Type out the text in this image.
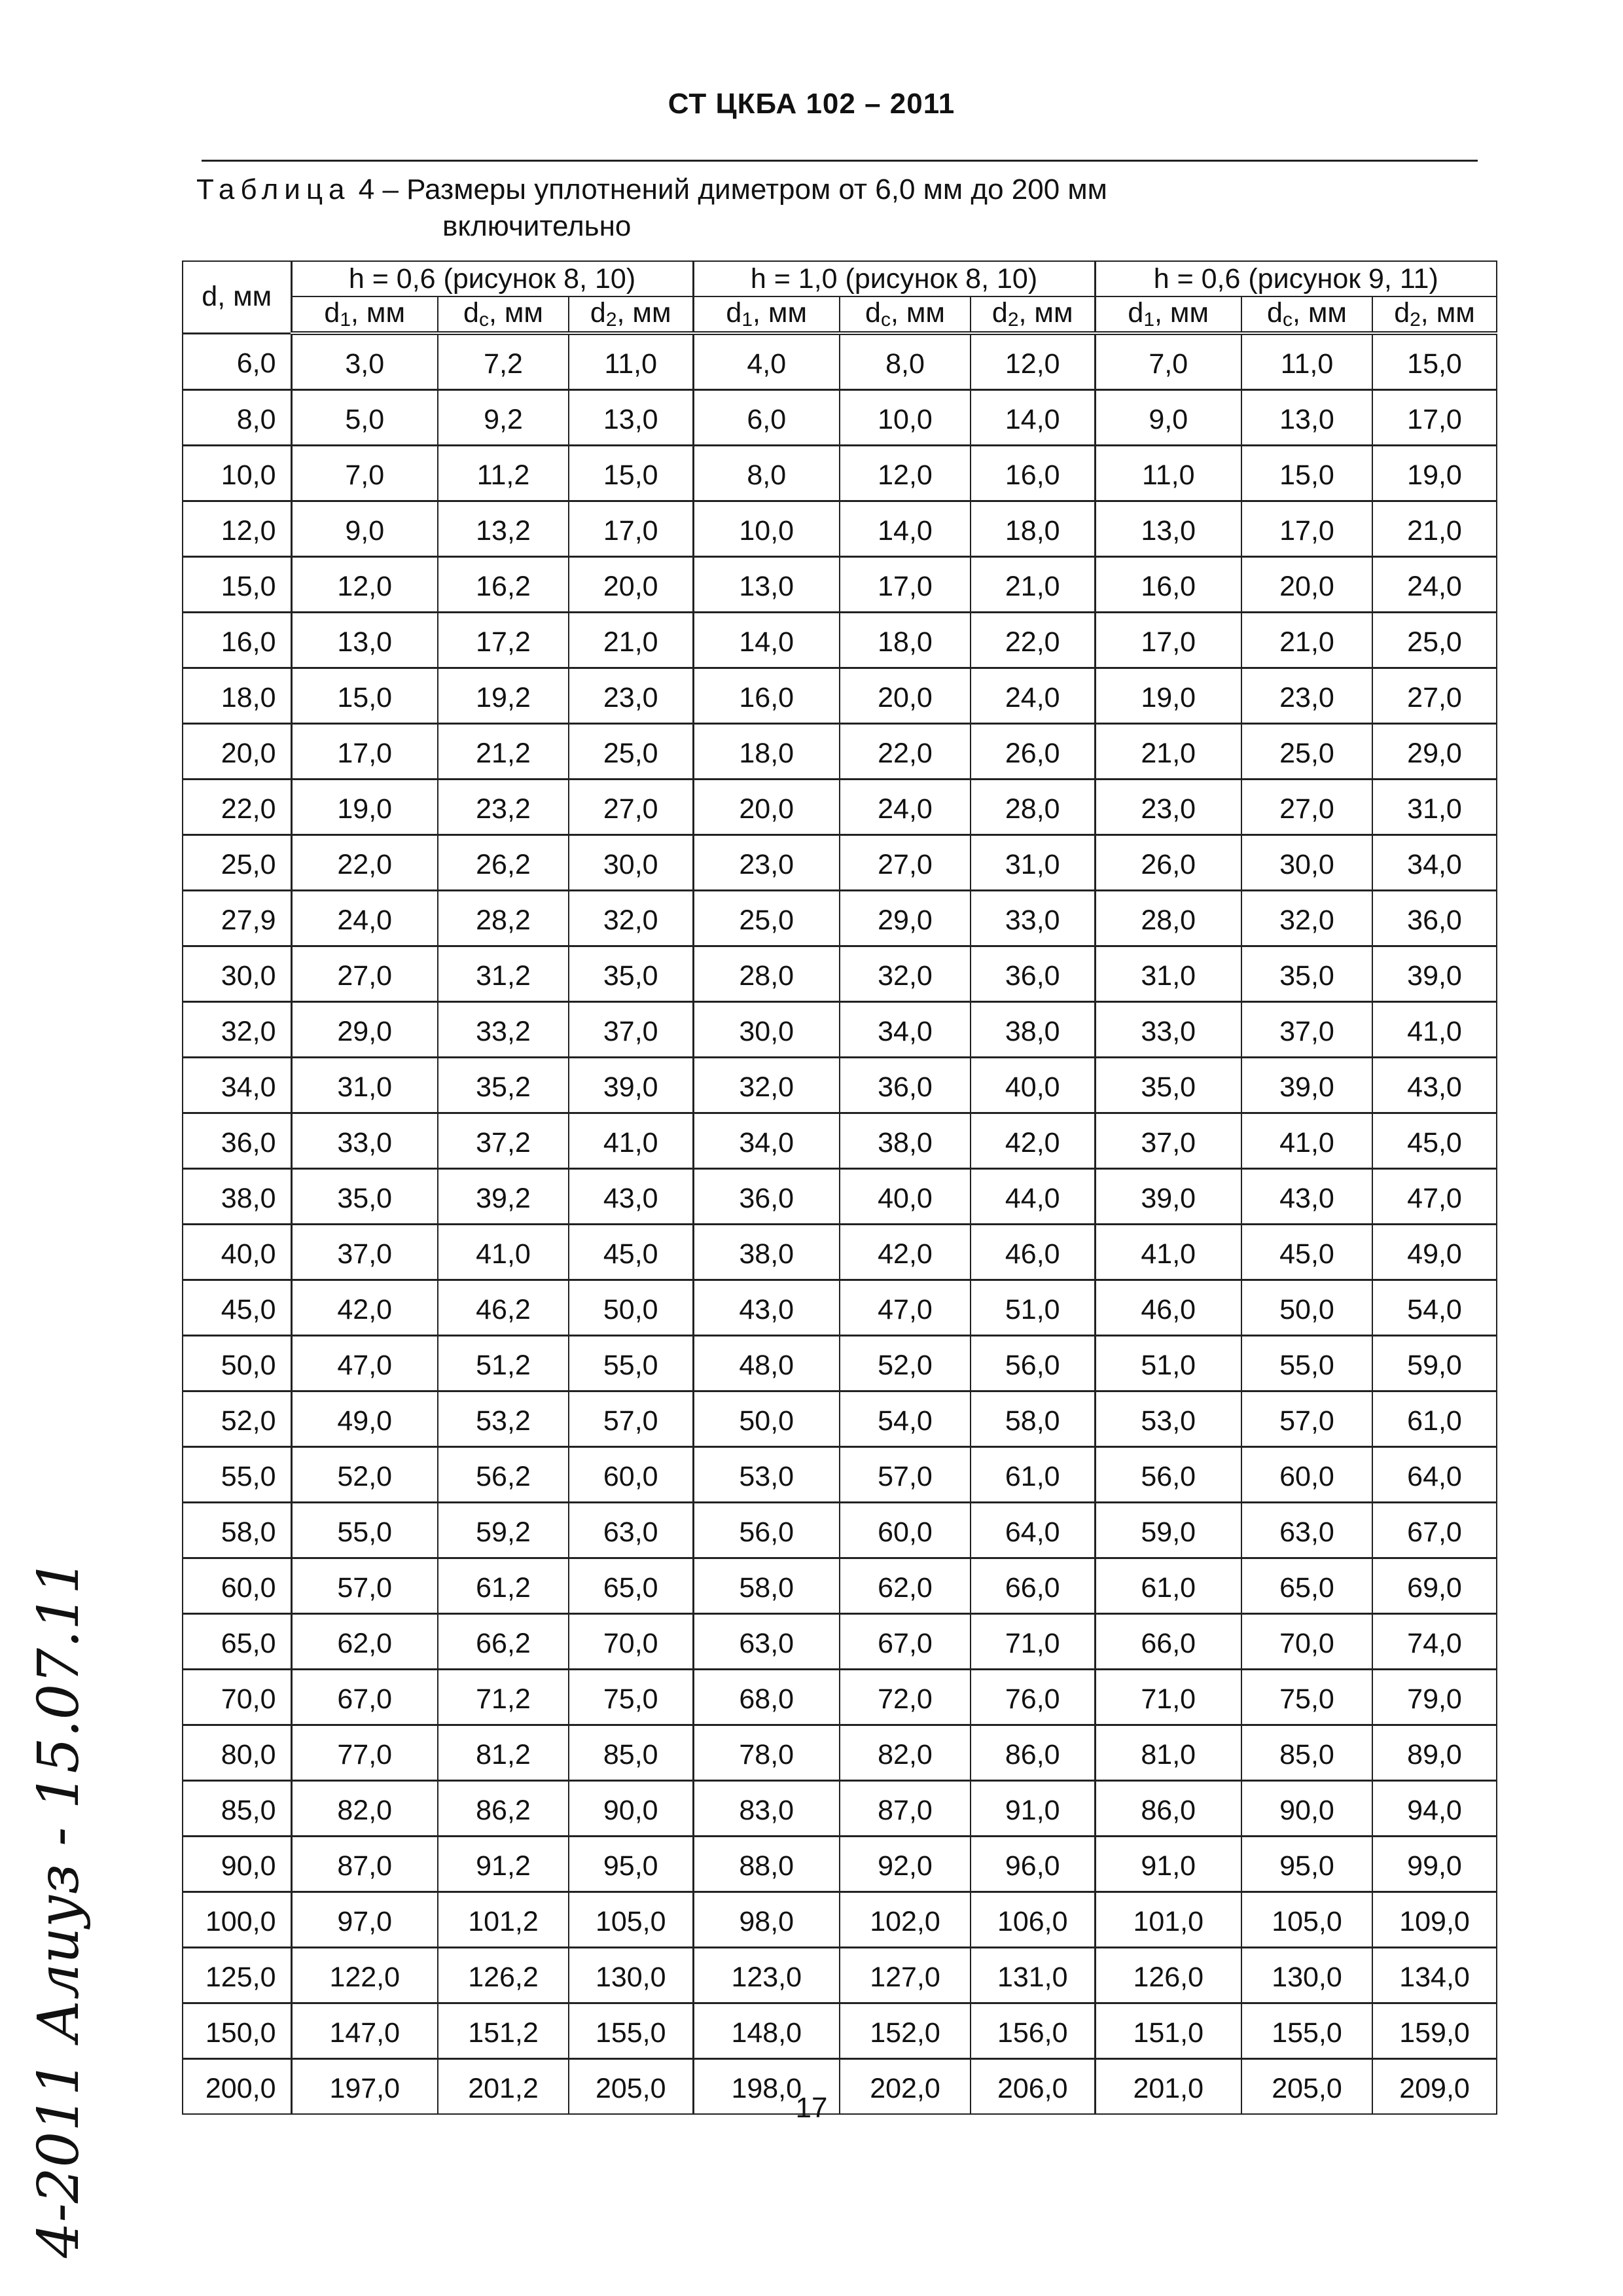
СТ ЦКБА 102 – 2011
Таблица 4 – Размеры уплотнений диметром от 6,0 мм до 200 мм
включительно
d, мм	h = 0,6 (рисунок 8, 10)			h = 1,0 (рисунок 8, 10)			h = 0,6 (рисунок 9, 11)		
	$d_1$, мм	$d_c$, мм	$d_2$, мм	$d_1$, мм	$d_c$, мм	$d_2$, мм	$d_1$, мм	$d_c$, мм	$d_2$, мм
6,0	3,0	7,2	11,0	4,0	8,0	12,0	7,0	11,0	15,0
8,0	5,0	9,2	13,0	6,0	10,0	14,0	9,0	13,0	17,0
10,0	7,0	11,2	15,0	8,0	12,0	16,0	11,0	15,0	19,0
12,0	9,0	13,2	17,0	10,0	14,0	18,0	13,0	17,0	21,0
15,0	12,0	16,2	20,0	13,0	17,0	21,0	16,0	20,0	24,0
16,0	13,0	17,2	21,0	14,0	18,0	22,0	17,0	21,0	25,0
18,0	15,0	19,2	23,0	16,0	20,0	24,0	19,0	23,0	27,0
20,0	17,0	21,2	25,0	18,0	22,0	26,0	21,0	25,0	29,0
22,0	19,0	23,2	27,0	20,0	24,0	28,0	23,0	27,0	31,0
25,0	22,0	26,2	30,0	23,0	27,0	31,0	26,0	30,0	34,0
27,9	24,0	28,2	32,0	25,0	29,0	33,0	28,0	32,0	36,0
30,0	27,0	31,2	35,0	28,0	32,0	36,0	31,0	35,0	39,0
32,0	29,0	33,2	37,0	30,0	34,0	38,0	33,0	37,0	41,0
34,0	31,0	35,2	39,0	32,0	36,0	40,0	35,0	39,0	43,0
36,0	33,0	37,2	41,0	34,0	38,0	42,0	37,0	41,0	45,0
38,0	35,0	39,2	43,0	36,0	40,0	44,0	39,0	43,0	47,0
40,0	37,0	41,0	45,0	38,0	42,0	46,0	41,0	45,0	49,0
45,0	42,0	46,2	50,0	43,0	47,0	51,0	46,0	50,0	54,0
50,0	47,0	51,2	55,0	48,0	52,0	56,0	51,0	55,0	59,0
52,0	49,0	53,2	57,0	50,0	54,0	58,0	53,0	57,0	61,0
55,0	52,0	56,2	60,0	53,0	57,0	61,0	56,0	60,0	64,0
58,0	55,0	59,2	63,0	56,0	60,0	64,0	59,0	63,0	67,0
60,0	57,0	61,2	65,0	58,0	62,0	66,0	61,0	65,0	69,0
65,0	62,0	66,2	70,0	63,0	67,0	71,0	66,0	70,0	74,0
70,0	67,0	71,2	75,0	68,0	72,0	76,0	71,0	75,0	79,0
80,0	77,0	81,2	85,0	78,0	82,0	86,0	81,0	85,0	89,0
85,0	82,0	86,2	90,0	83,0	87,0	91,0	86,0	90,0	94,0
90,0	87,0	91,2	95,0	88,0	92,0	96,0	91,0	95,0	99,0
100,0	97,0	101,2	105,0	98,0	102,0	106,0	101,0	105,0	109,0
125,0	122,0	126,2	130,0	123,0	127,0	131,0	126,0	130,0	134,0
150,0	147,0	151,2	155,0	148,0	152,0	156,0	151,0	155,0	159,0
200,0	197,0	201,2	205,0	198,0	202,0	206,0	201,0	205,0	209,0
17
4-2011 Алиуз - 15.07.11
